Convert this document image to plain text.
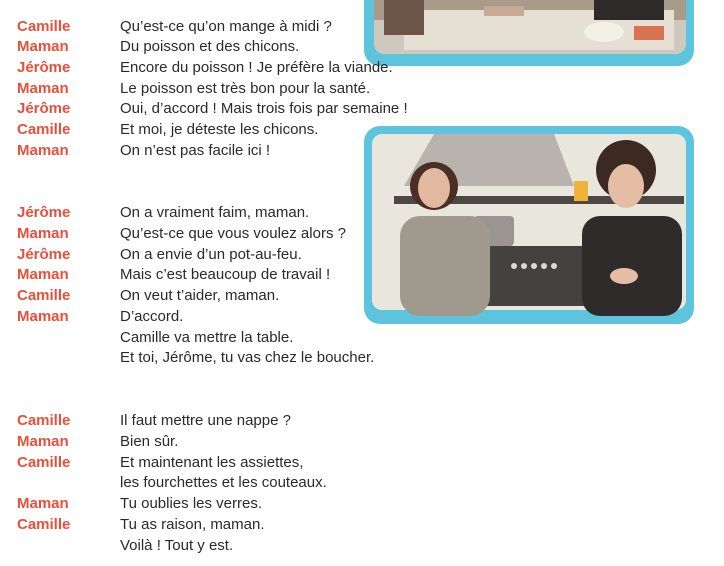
Camille	Qu’est-ce qu’on mange à midi ?
Maman	Du poisson et des chicons.
Jérôme	Encore du poisson ! Je préfère la viande.
Maman	Le poisson est très bon pour la santé.
Jérôme	Oui, d’accord ! Mais trois fois par semaine !
Camille	Et moi, je déteste les chicons.
Maman	On n’est pas facile ici !
Jérôme	On a vraiment faim, maman.
Maman	Qu’est-ce que vous voulez alors ?
Jérôme	On a envie d’un pot-au-feu.
Maman	Mais c’est beaucoup de travail !
Camille	On veut t’aider, maman.
Maman	D’accord.
Camille va mettre la table.
Et toi, Jérôme, tu vas chez le boucher.
Camille	Il faut mettre une nappe ?
Maman	Bien sûr.
Camille	Et maintenant les assiettes,
les fourchettes et les couteaux.
Maman	Tu oublies les verres.
Camille	Tu as raison, maman.
Voilà ! Tout y est.
